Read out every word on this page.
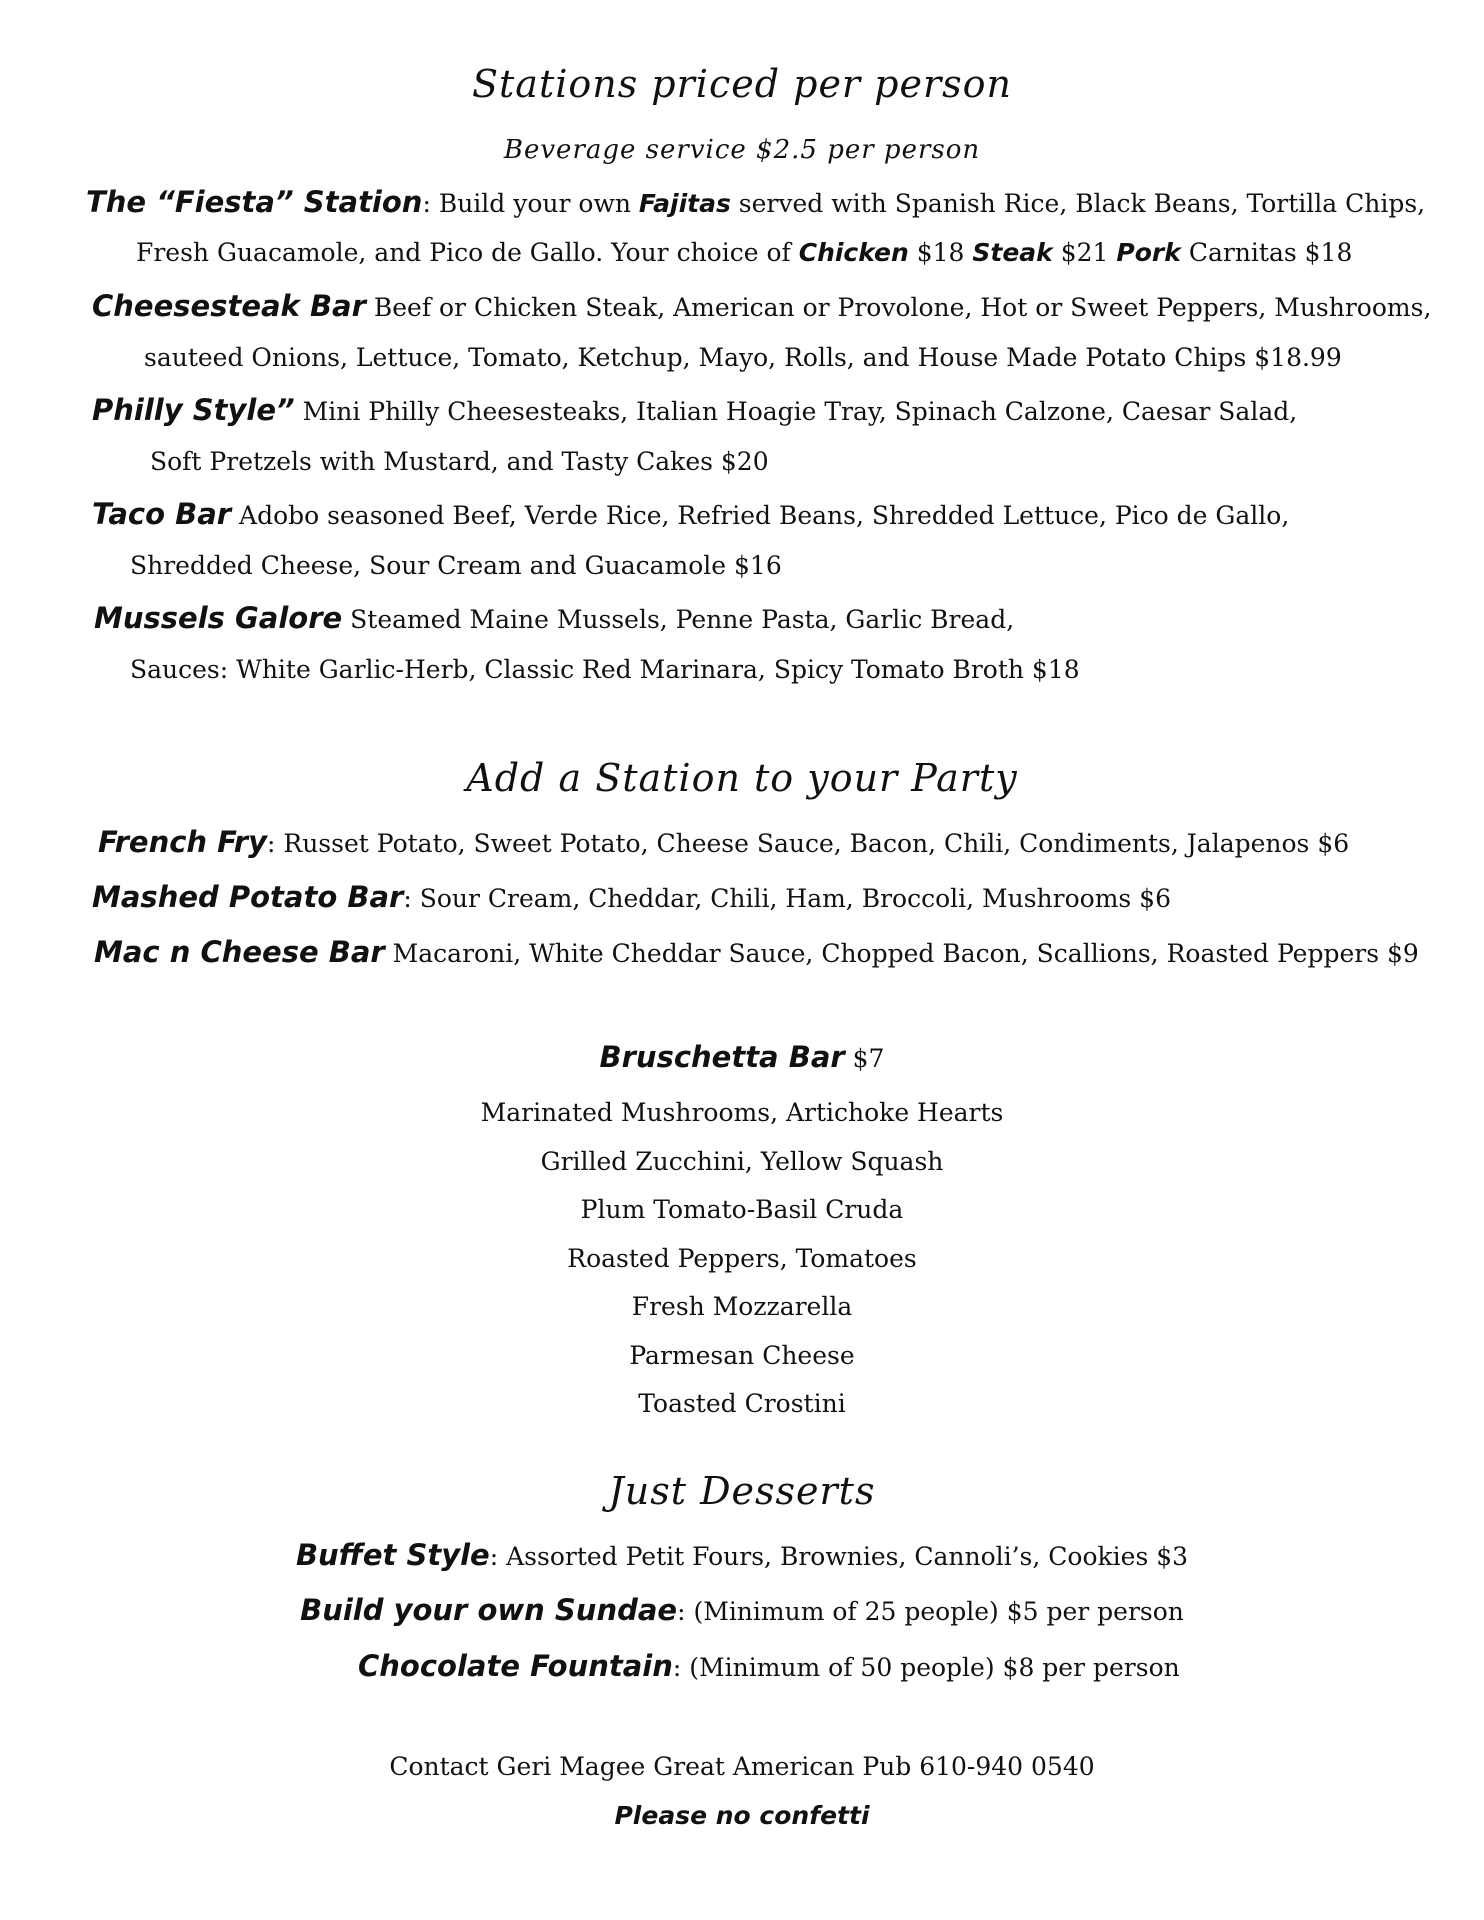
Stations priced per person
Beverage service $2.5 per person
The “Fiesta” Station: Build your own Fajitas served with Spanish Rice, Black Beans, Tortilla Chips,
Fresh Guacamole, and Pico de Gallo. Your choice of Chicken $18 Steak $21 Pork Carnitas $18
Cheesesteak Bar Beef or Chicken Steak, American or Provolone, Hot or Sweet Peppers, Mushrooms,
sauteed Onions, Lettuce, Tomato, Ketchup, Mayo, Rolls, and House Made Potato Chips $18.99
Philly Style” Mini Philly Cheesesteaks, Italian Hoagie Tray, Spinach Calzone, Caesar Salad,
Soft Pretzels with Mustard, and Tasty Cakes $20
Taco Bar Adobo seasoned Beef, Verde Rice, Refried Beans, Shredded Lettuce, Pico de Gallo,
Shredded Cheese, Sour Cream and Guacamole $16
Mussels Galore Steamed Maine Mussels, Penne Pasta, Garlic Bread,
Sauces: White Garlic-Herb, Classic Red Marinara, Spicy Tomato Broth $18
Add a Station to your Party
French Fry: Russet Potato, Sweet Potato, Cheese Sauce, Bacon, Chili, Condiments, Jalapenos $6
Mashed Potato Bar: Sour Cream, Cheddar, Chili, Ham, Broccoli, Mushrooms $6
Mac n Cheese Bar Macaroni, White Cheddar Sauce, Chopped Bacon, Scallions, Roasted Peppers $9
Bruschetta Bar $7
Marinated Mushrooms, Artichoke Hearts
Grilled Zucchini, Yellow Squash
Plum Tomato-Basil Cruda
Roasted Peppers, Tomatoes
Fresh Mozzarella
Parmesan Cheese
Toasted Crostini
Just Desserts
Buffet Style: Assorted Petit Fours, Brownies, Cannoli’s, Cookies $3
Build your own Sundae: (Minimum of 25 people) $5 per person
Chocolate Fountain: (Minimum of 50 people) $8 per person
Contact Geri Magee Great American Pub 610-940 0540
Please no confetti
